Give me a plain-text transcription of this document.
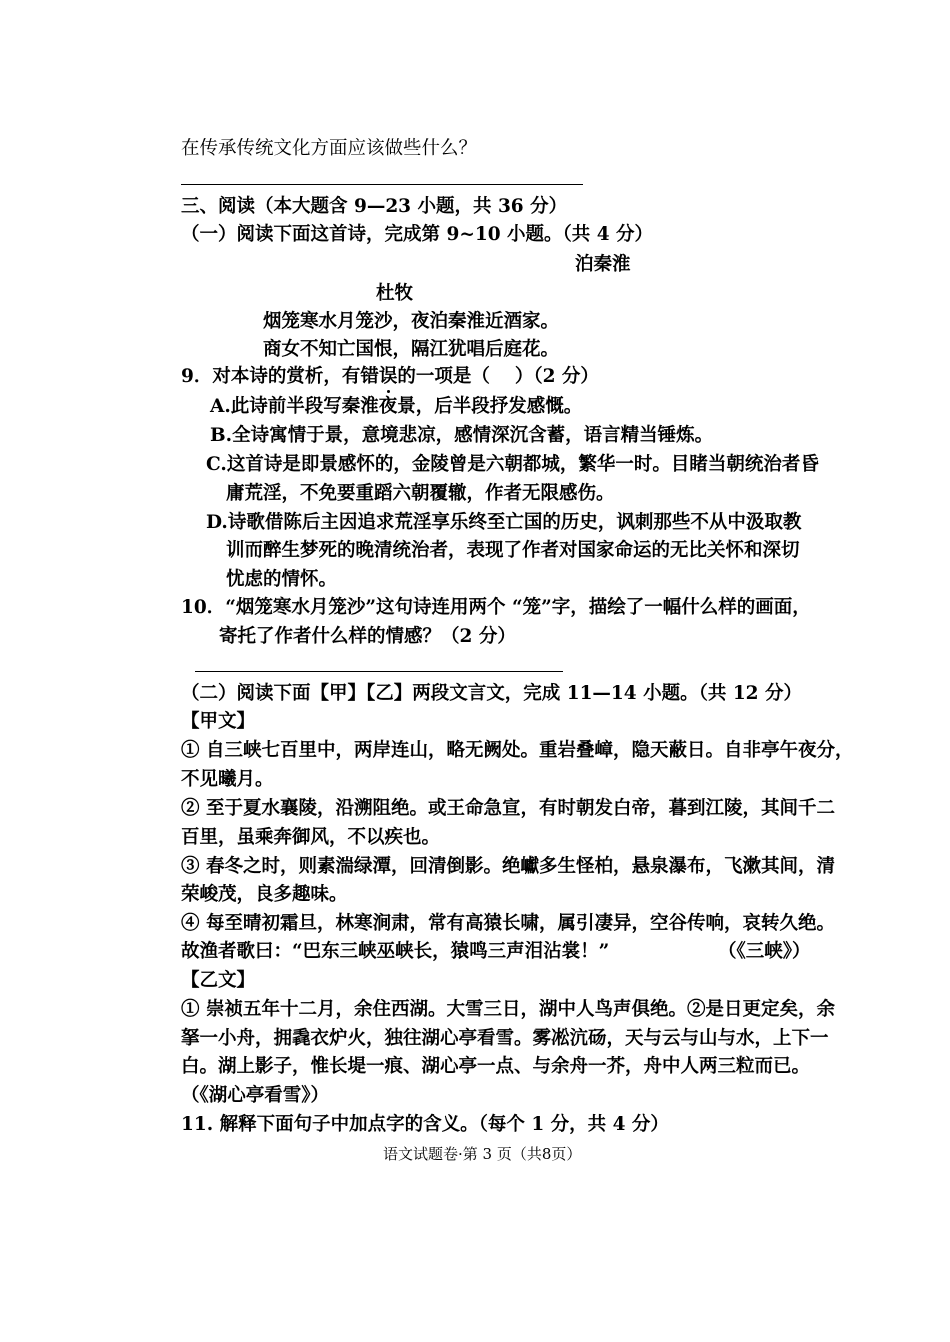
在传承传统文化方面应该做些什么？
三、阅读（本大题含 9—23 小题，共 36 分）
（一）阅读下面这首诗，完成第 9~10 小题。（共 4 分）
泊秦淮
杜牧
烟笼寒水月笼沙，夜泊秦淮近酒家。
商女不知亡国恨，隔江犹唱后庭花。
9．对本诗的赏析，有错误的一项是（　 ）（2 分）
A.此诗前半段写秦淮夜景，后半段抒发感慨。
B.全诗寓情于景，意境悲凉，感情深沉含蓄，语言精当锤炼。
C.这首诗是即景感怀的，金陵曾是六朝都城，繁华一时。目睹当朝统治者昏
庸荒淫，不免要重蹈六朝覆辙，作者无限感伤。
D.诗歌借陈后主因追求荒淫享乐终至亡国的历史，讽刺那些不从中汲取教
训而醉生梦死的晚清统治者，表现了作者对国家命运的无比关怀和深切
忧虑的情怀。
10．“烟笼寒水月笼沙”这句诗连用两个 “笼”字，描绘了一幅什么样的画面，
寄托了作者什么样的情感？（2 分）
（二）阅读下面【甲】【乙】两段文言文，完成 11—14 小题。（共 12 分）
【甲文】
① 自三峡七百里中，两岸连山，略无阙处。重岩叠嶂，隐天蔽日。自非亭午夜分，
不见曦月。
② 至于夏水襄陵，沿溯阻绝。或王命急宣，有时朝发白帝，暮到江陵，其间千二
百里，虽乘奔御风，不以疾也。
③ 春冬之时，则素湍绿潭，回清倒影。绝巘多生怪柏，悬泉瀑布，飞漱其间，清
荣峻茂，良多趣味。
④ 每至晴初霜旦，林寒涧肃，常有高猿长啸，属引凄异，空谷传响，哀转久绝。
故渔者歌曰：“巴东三峡巫峡长，猿鸣三声泪沾裳！”	（《三峡》）
【乙文】
① 崇祯五年十二月，余住西湖。大雪三日，湖中人鸟声俱绝。②是日更定矣，余
拏一小舟，拥毳衣炉火，独往湖心亭看雪。雾凇沆砀，天与云与山与水，上下一
白。湖上影子，惟长堤一痕、湖心亭一点、与余舟一芥，舟中人两三粒而已。
（《湖心亭看雪》）
11. 解释下面句子中加点字的含义。（每个 1 分，共 4 分）
语文试题卷·第 3 页（共8页）
